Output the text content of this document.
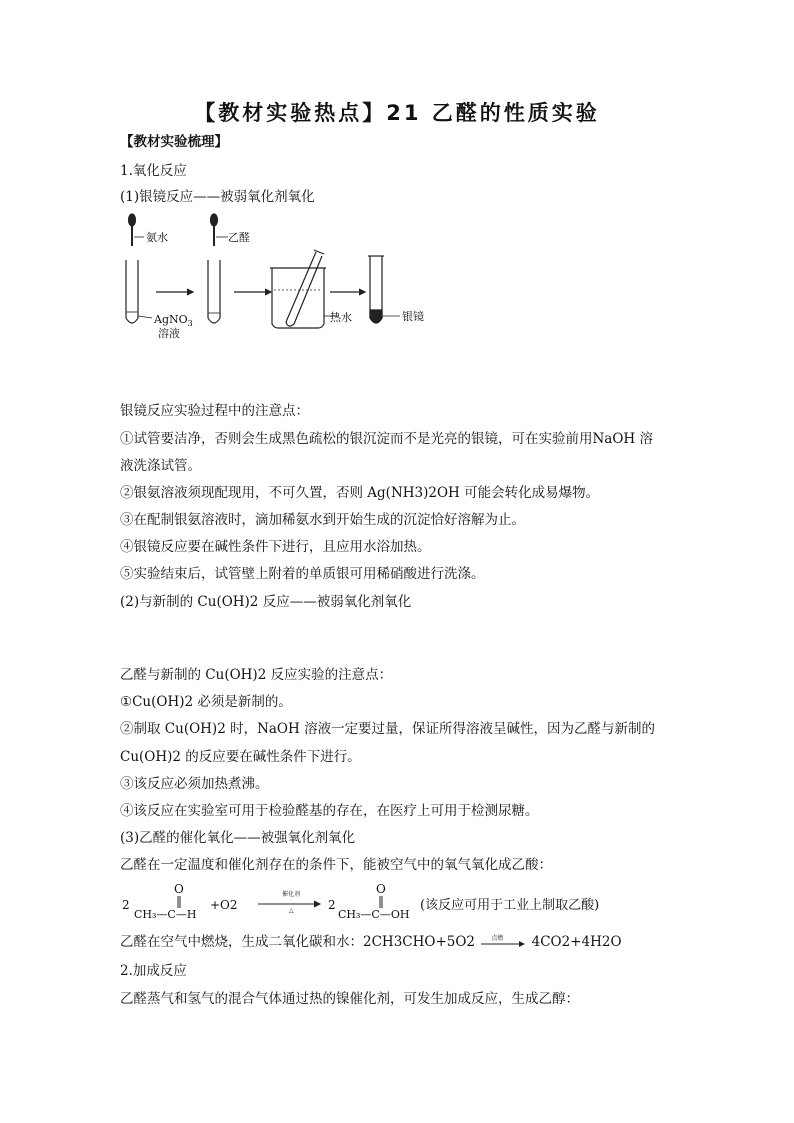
【教材实验热点】21 乙醛的性质实验
【教材实验梳理】
1.氧化反应
(1)银镜反应——被弱氧化剂氧化
氨水	乙醛
AgNO$_3$
溶液
热水	银镜
银镜反应实验过程中的注意点：
①试管要洁净，否则会生成黑色疏松的银沉淀而不是光亮的银镜，可在实验前用NaOH 溶
液洗涤试管。
②银氨溶液须现配现用，不可久置，否则 Ag(NH3)2OH 可能会转化成易爆物。
③在配制银氨溶液时，滴加稀氨水到开始生成的沉淀恰好溶解为止。
④银镜反应要在碱性条件下进行，且应用水浴加热。
⑤实验结束后，试管壁上附着的单质银可用稀硝酸进行洗涤。
(2)与新制的 Cu(OH)2 反应——被弱氧化剂氧化
乙醛与新制的 Cu(OH)2 反应实验的注意点：
①Cu(OH)2 必须是新制的。
②制取 Cu(OH)2 时，NaOH 溶液一定要过量，保证所得溶液呈碱性，因为乙醛与新制的
Cu(OH)2 的反应要在碱性条件下进行。
③该反应必须加热煮沸。
④该反应在实验室可用于检验醛基的存在，在医疗上可用于检测尿糖。
(3)乙醛的催化氧化——被强氧化剂氧化
乙醛在一定温度和催化剂存在的条件下，能被空气中的氧气氧化成乙酸：
2
O
CH₃—C—H
+O2
催化剂
△	2
O
CH₃—C—OH
(该反应可用于工业上制取乙酸)
乙醛在空气中燃烧，生成二氧化碳和水：2CH3CHO+5O2	点燃 4CO2+4H2O
2.加成反应
乙醛蒸气和氢气的混合气体通过热的镍催化剂，可发生加成反应，生成乙醇：
